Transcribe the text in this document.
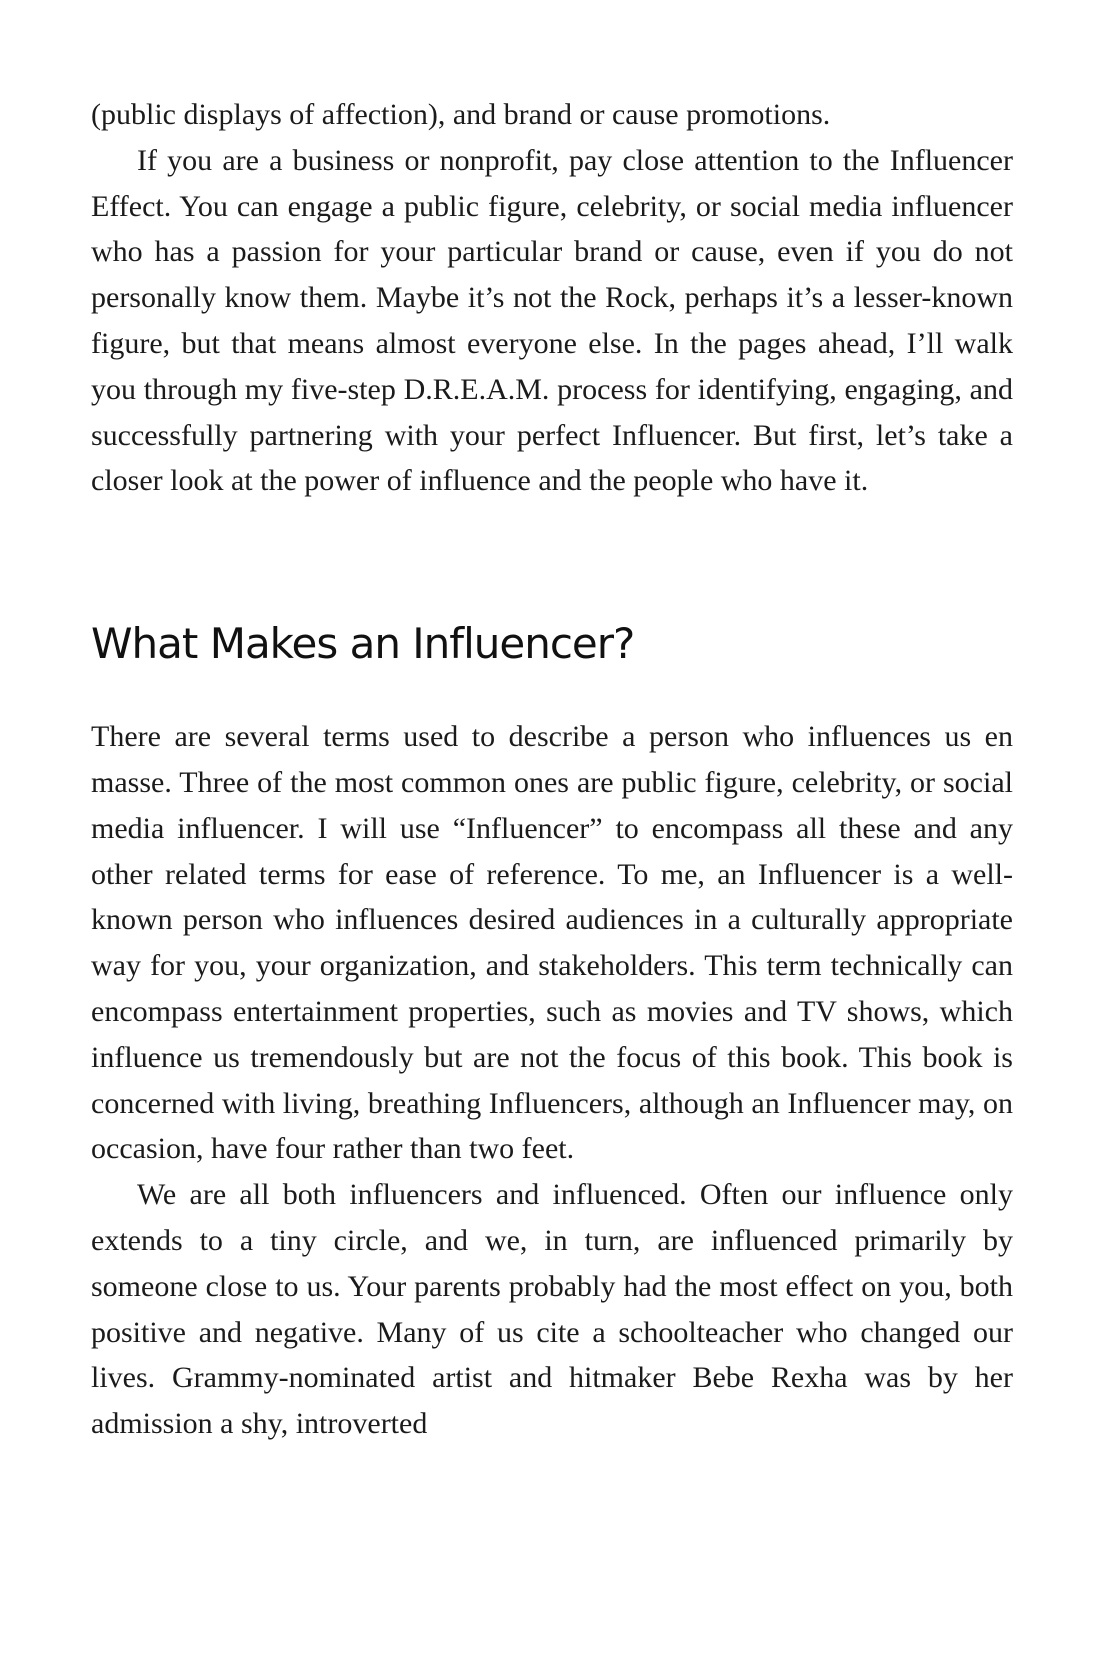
(public displays of affection), and brand or cause promotions.

If you are a business or nonprofit, pay close attention to the Influencer Effect. You can engage a public figure, celebrity, or social media influencer who has a passion for your particular brand or cause, even if you do not personally know them. Maybe it’s not the Rock, perhaps it’s a lesser-known figure, but that means almost everyone else. In the pages ahead, I’ll walk you through my five-step D.R.E.A.M. process for identifying, engaging, and successfully partnering with your perfect Influencer. But first, let’s take a closer look at the power of influence and the people who have it.

What Makes an Influencer?

There are several terms used to describe a person who influences us en masse. Three of the most common ones are public figure, celebrity, or social media influencer. I will use “Influencer” to encompass all these and any other related terms for ease of reference. To me, an Influencer is a well-known person who influences desired audiences in a culturally appropriate way for you, your organization, and stakeholders. This term technically can encompass entertainment properties, such as movies and TV shows, which influence us tremendously but are not the focus of this book. This book is concerned with living, breathing Influencers, although an Influencer may, on occasion, have four rather than two feet.

We are all both influencers and influenced. Often our influence only extends to a tiny circle, and we, in turn, are influenced primarily by someone close to us. Your parents probably had the most effect on you, both positive and negative. Many of us cite a schoolteacher who changed our lives. Grammy-nominated artist and hitmaker Bebe Rexha was by her admission a shy, introverted
